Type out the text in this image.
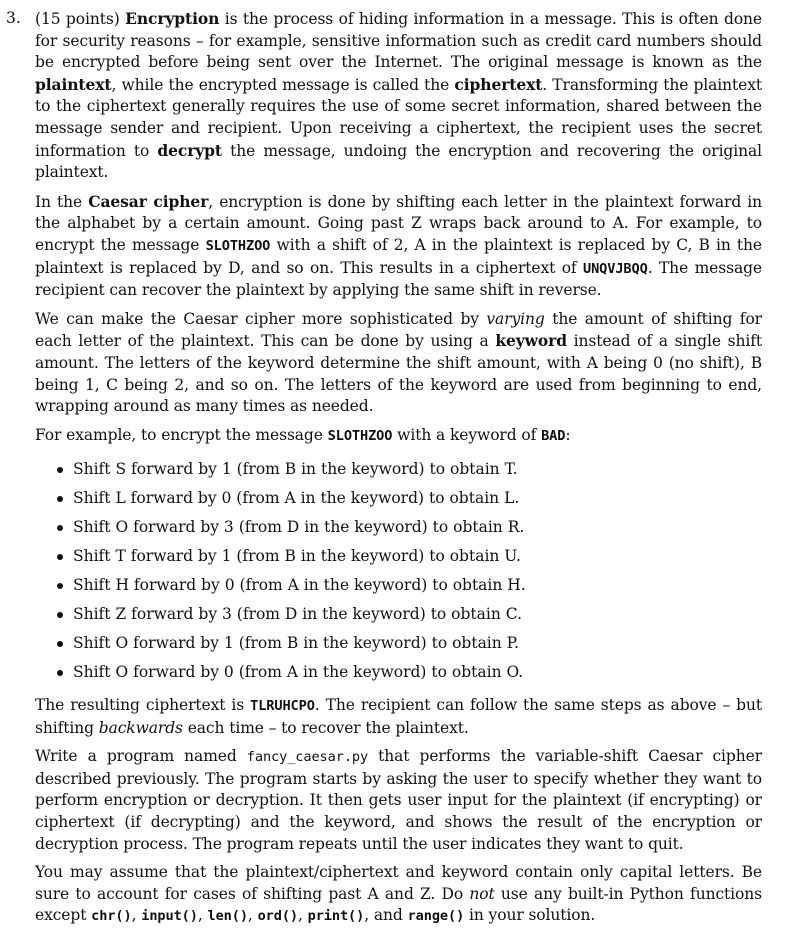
3. (15 points) Encryption is the process of hiding information in a message. This is often done for security reasons – for example, sensitive information such as credit card numbers should be encrypted before being sent over the Internet. The original message is known as the plaintext, while the encrypted message is called the ciphertext. Transforming the plaintext to the ciphertext generally requires the use of some secret information, shared between the message sender and recipient. Upon receiving a ciphertext, the recipient uses the secret information to decrypt the message, undoing the encryption and recovering the original plaintext.

In the Caesar cipher, encryption is done by shifting each letter in the plaintext forward in the alphabet by a certain amount. Going past Z wraps back around to A. For example, to encrypt the message SLOTHZOO with a shift of 2, A in the plaintext is replaced by C, B in the plaintext is replaced by D, and so on. This results in a ciphertext of UNQVJBQQ. The message recipient can recover the plaintext by applying the same shift in reverse.

We can make the Caesar cipher more sophisticated by varying the amount of shifting for each letter of the plaintext. This can be done by using a keyword instead of a single shift amount. The letters of the keyword determine the shift amount, with A being 0 (no shift), B being 1, C being 2, and so on. The letters of the keyword are used from beginning to end, wrapping around as many times as needed.

For example, to encrypt the message SLOTHZOO with a keyword of BAD:

Shift S forward by 1 (from B in the keyword) to obtain T.
Shift L forward by 0 (from A in the keyword) to obtain L.
Shift O forward by 3 (from D in the keyword) to obtain R.
Shift T forward by 1 (from B in the keyword) to obtain U.
Shift H forward by 0 (from A in the keyword) to obtain H.
Shift Z forward by 3 (from D in the keyword) to obtain C.
Shift O forward by 1 (from B in the keyword) to obtain P.
Shift O forward by 0 (from A in the keyword) to obtain O.

The resulting ciphertext is TLRUHCPO. The recipient can follow the same steps as above – but shifting backwards each time – to recover the plaintext.

Write a program named fancy_caesar.py that performs the variable-shift Caesar cipher described previously. The program starts by asking the user to specify whether they want to perform encryption or decryption. It then gets user input for the plaintext (if encrypting) or ciphertext (if decrypting) and the keyword, and shows the result of the encryption or decryption process. The program repeats until the user indicates they want to quit.

You may assume that the plaintext/ciphertext and keyword contain only capital letters. Be sure to account for cases of shifting past A and Z. Do not use any built-in Python functions except chr(), input(), len(), ord(), print(), and range() in your solution.
